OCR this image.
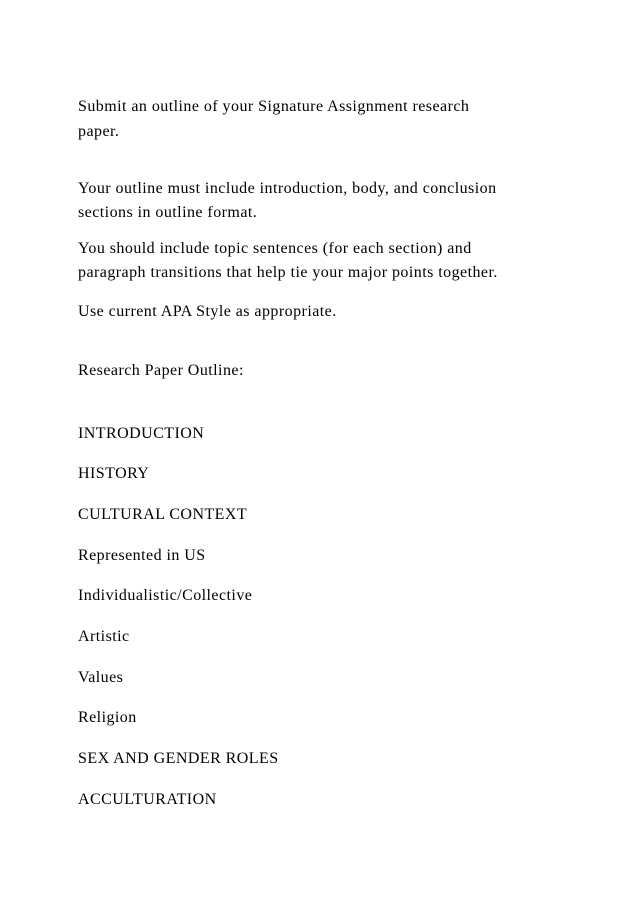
Submit an outline of your Signature Assignment research
paper.
Your outline must include introduction, body, and conclusion
sections in outline format.
You should include topic sentences (for each section) and
paragraph transitions that help tie your major points together.
Use current APA Style as appropriate.
Research Paper Outline:
INTRODUCTION
HISTORY
CULTURAL CONTEXT
Represented in US
Individualistic/Collective
Artistic
Values
Religion
SEX AND GENDER ROLES
ACCULTURATION
